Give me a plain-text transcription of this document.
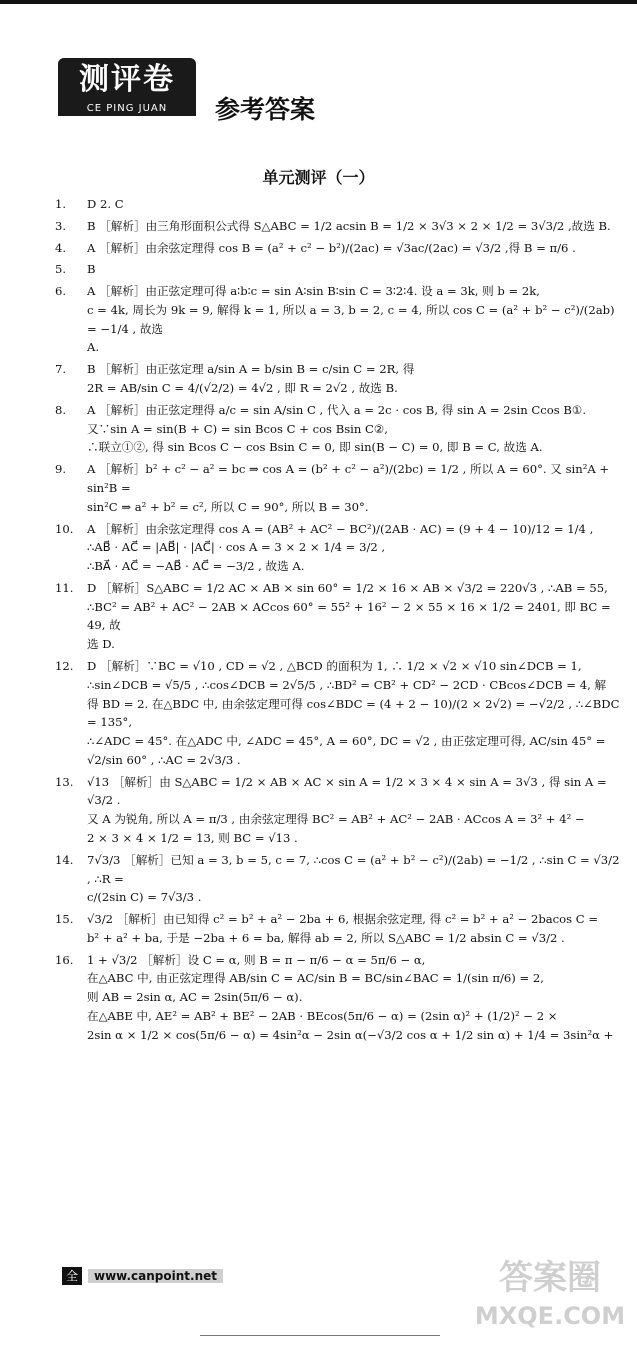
测评卷
CE PING JUAN	参考答案
单元测评（一）
1.	D 2. C
3.	B ［解析］由三角形面积公式得 S△ABC = 1/2 acsin B = 1/2 × 3√3 × 2 × 1/2 = 3√3/2 ,故选 B.
4.	A ［解析］由余弦定理得 cos B = (a² + c² − b²)/(2ac) = √3ac/(2ac) = √3/2 ,得 B = π/6 .
5.	B
6.	A ［解析］由正弦定理可得 a∶b∶c = sin A∶sin B∶sin C = 3∶2∶4. 设 a = 3k, 则 b = 2k,
c = 4k, 周长为 9k = 9, 解得 k = 1, 所以 a = 3, b = 2, c = 4, 所以 cos C = (a² + b² − c²)/(2ab) = −1/4 , 故选
A.
7.	B ［解析］由正弦定理 a/sin A = b/sin B = c/sin C = 2R, 得
2R = AB/sin C = 4/(√2/2) = 4√2 , 即 R = 2√2 , 故选 B.
8.	A ［解析］由正弦定理得 a/c = sin A/sin C , 代入 a = 2c · cos B, 得 sin A = 2sin Ccos B①.
又∵sin A = sin(B + C) = sin Bcos C + cos Bsin C②,
∴联立①②, 得 sin Bcos C − cos Bsin C = 0, 即 sin(B − C) = 0, 即 B = C, 故选 A.
9.	A ［解析］b² + c² − a² = bc ⇒ cos A = (b² + c² − a²)/(2bc) = 1/2 , 所以 A = 60°. 又 sin²A + sin²B =
sin²C ⇒ a² + b² = c², 所以 C = 90°, 所以 B = 30°.
10.	A ［解析］由余弦定理得 cos A = (AB² + AC² − BC²)/(2AB · AC) = (9 + 4 − 10)/12 = 1/4 ,
∴AB⃗ · AC⃗ = |AB⃗| · |AC⃗| · cos A = 3 × 2 × 1/4 = 3/2 ,
∴BA⃗ · AC⃗ = −AB⃗ · AC⃗ = −3/2 , 故选 A.
11.	D ［解析］S△ABC = 1/2 AC × AB × sin 60° = 1/2 × 16 × AB × √3/2 = 220√3 , ∴AB = 55,
∴BC² = AB² + AC² − 2AB × ACcos 60° = 55² + 16² − 2 × 55 × 16 × 1/2 = 2401, 即 BC = 49, 故
选 D.
12.	D ［解析］∵BC = √10 , CD = √2 , △BCD 的面积为 1, ∴ 1/2 × √2 × √10 sin∠DCB = 1,
∴sin∠DCB = √5/5 , ∴cos∠DCB = 2√5/5 , ∴BD² = CB² + CD² − 2CD · CBcos∠DCB = 4, 解
得 BD = 2. 在△BDC 中, 由余弦定理可得 cos∠BDC = (4 + 2 − 10)/(2 × 2√2) = −√2/2 , ∴∠BDC = 135°,
∴∠ADC = 45°. 在△ADC 中, ∠ADC = 45°, A = 60°, DC = √2 , 由正弦定理可得, AC/sin 45° =
√2/sin 60° , ∴AC = 2√3/3 .
13.	√13 ［解析］由 S△ABC = 1/2 × AB × AC × sin A = 1/2 × 3 × 4 × sin A = 3√3 , 得 sin A = √3/2 .
又 A 为锐角, 所以 A = π/3 , 由余弦定理得 BC² = AB² + AC² − 2AB · ACcos A = 3² + 4² −
2 × 3 × 4 × 1/2 = 13, 则 BC = √13 .
14.	7√3/3 ［解析］已知 a = 3, b = 5, c = 7, ∴cos C = (a² + b² − c²)/(2ab) = −1/2 , ∴sin C = √3/2 , ∴R =
c/(2sin C) = 7√3/3 .
15.	√3/2 ［解析］由已知得 c² = b² + a² − 2ba + 6, 根据余弦定理, 得 c² = b² + a² − 2bacos C =
b² + a² + ba, 于是 −2ba + 6 = ba, 解得 ab = 2, 所以 S△ABC = 1/2 absin C = √3/2 .
16.	1 + √3/2 ［解析］设 C = α, 则 B = π − π/6 − α = 5π/6 − α,
在△ABC 中, 由正弦定理得 AB/sin C = AC/sin B = BC/sin∠BAC = 1/(sin π/6) = 2,
则 AB = 2sin α, AC = 2sin(5π/6 − α).
在△ABE 中, AE² = AB² + BE² − 2AB · BEcos(5π/6 − α) = (2sin α)² + (1/2)² − 2 ×
2sin α × 1/2 × cos(5π/6 − α) = 4sin²α − 2sin α(−√3/2 cos α + 1/2 sin α) + 1/4 = 3sin²α +
全	www.canpoint.net	答案圈
MXQE.COM
